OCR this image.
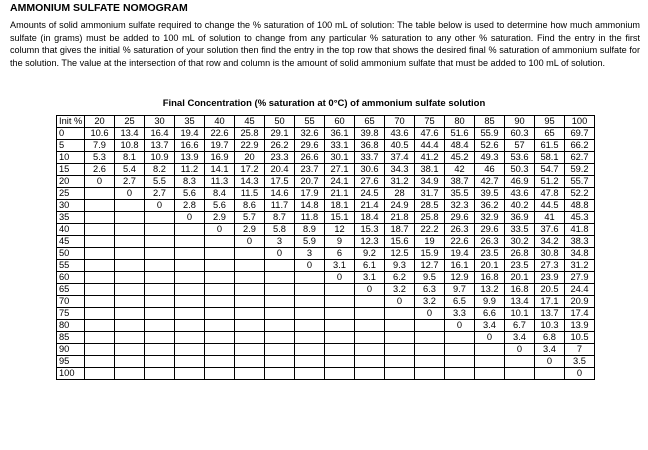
AMMONIUM SULFATE NOMOGRAM
Amounts of solid ammonium sulfate required to change the % saturation of 100 mL of solution: The table below is used to determine how much ammonium sulfate (in grams) must be added to 100 mL of solution to change from any particular % saturation to any other % saturation. Find the entry in the first column that gives the initial % saturation of your solution then find the entry in the top row that shows the desired final % saturation of ammonium sulfate for the solution. The value at the intersection of that row and column is the amount of solid ammonium sulfate that must be added to 100 mL of solution.
Final Concentration (% saturation at 0°C) of ammonium sulfate solution
Init %	20	25	30	35	40	45	50	55	60	65	70	75	80	85	90	95	100
0	10.6	13.4	16.4	19.4	22.6	25.8	29.1	32.6	36.1	39.8	43.6	47.6	51.6	55.9	60.3	65	69.7
5	7.9	10.8	13.7	16.6	19.7	22.9	26.2	29.6	33.1	36.8	40.5	44.4	48.4	52.6	57	61.5	66.2
10	5.3	8.1	10.9	13.9	16.9	20	23.3	26.6	30.1	33.7	37.4	41.2	45.2	49.3	53.6	58.1	62.7
15	2.6	5.4	8.2	11.2	14.1	17.2	20.4	23.7	27.1	30.6	34.3	38.1	42	46	50.3	54.7	59.2
20	0	2.7	5.5	8.3	11.3	14.3	17.5	20.7	24.1	27.6	31.2	34.9	38.7	42.7	46.9	51.2	55.7
25		0	2.7	5.6	8.4	11.5	14.6	17.9	21.1	24.5	28	31.7	35.5	39.5	43.6	47.8	52.2
30			0	2.8	5.6	8.6	11.7	14.8	18.1	21.4	24.9	28.5	32.3	36.2	40.2	44.5	48.8
35				0	2.9	5.7	8.7	11.8	15.1	18.4	21.8	25.8	29.6	32.9	36.9	41	45.3
40					0	2.9	5.8	8.9	12	15.3	18.7	22.2	26.3	29.6	33.5	37.6	41.8
45						0	3	5.9	9	12.3	15.6	19	22.6	26.3	30.2	34.2	38.3
50							0	3	6	9.2	12.5	15.9	19.4	23.5	26.8	30.8	34.8
55								0	3.1	6.1	9.3	12.7	16.1	20.1	23.5	27.3	31.2
60									0	3.1	6.2	9.5	12.9	16.8	20.1	23.9	27.9
65										0	3.2	6.3	9.7	13.2	16.8	20.5	24.4
70											0	3.2	6.5	9.9	13.4	17.1	20.9
75												0	3.3	6.6	10.1	13.7	17.4
80													0	3.4	6.7	10.3	13.9
85														0	3.4	6.8	10.5
90															0	3.4	7
95																0	3.5
100																	0
